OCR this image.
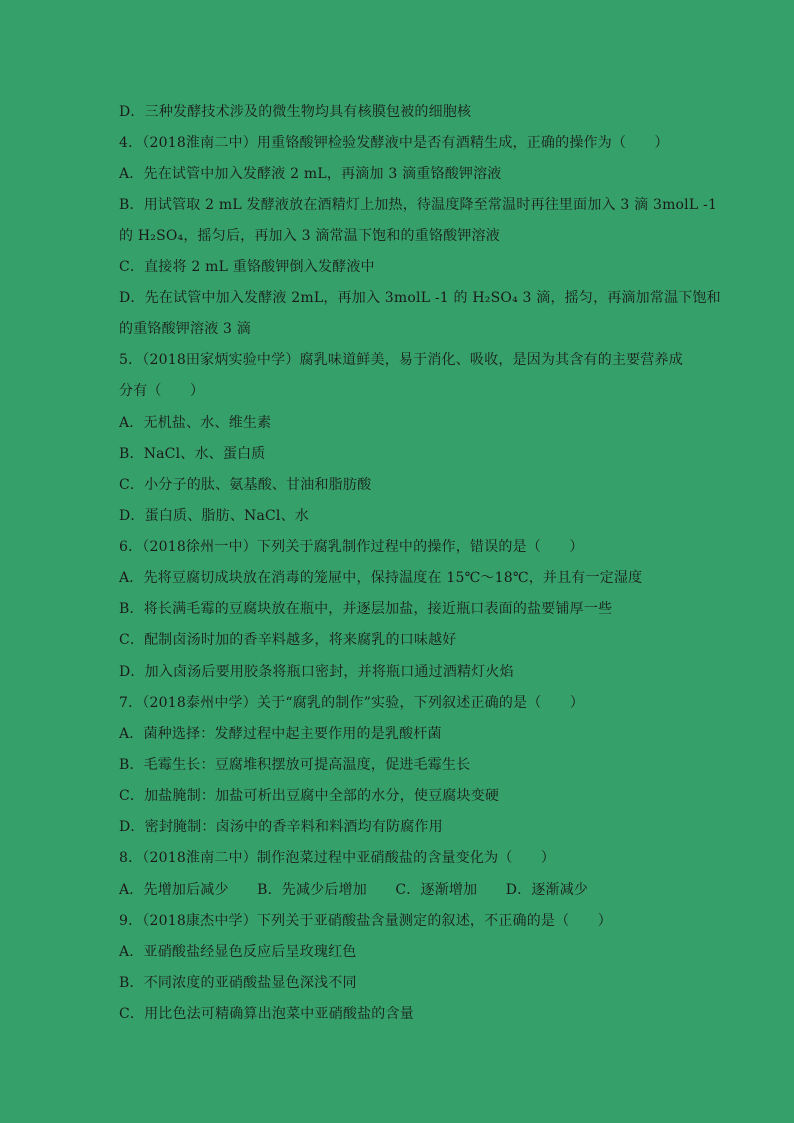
D．三种发酵技术涉及的微生物均具有核膜包被的细胞核
4．（2018淮南二中）用重铬酸钾检验发酵液中是否有酒精生成，正确的操作为（　　）
A．先在试管中加入发酵液 2 mL，再滴加 3 滴重铬酸钾溶液
B．用试管取 2 mL 发酵液放在酒精灯上加热，待温度降至常温时再往里面加入 3 滴 3molL -1
的 H₂SO₄，摇匀后，再加入 3 滴常温下饱和的重铬酸钾溶液
C．直接将 2 mL 重铬酸钾倒入发酵液中
D．先在试管中加入发酵液 2mL，再加入 3molL -1 的 H₂SO₄ 3 滴，摇匀，再滴加常温下饱和
的重铬酸钾溶液 3 滴
5．（2018田家炳实验中学）腐乳味道鲜美，易于消化、吸收，是因为其含有的主要营养成
分有（　　）
A．无机盐、水、维生素
B．NaCl、水、蛋白质
C．小分子的肽、氨基酸、甘油和脂肪酸
D．蛋白质、脂肪、NaCl、水
6．（2018徐州一中）下列关于腐乳制作过程中的操作，错误的是（　　）
A．先将豆腐切成块放在消毒的笼屉中，保持温度在 15℃～18℃，并且有一定湿度
B．将长满毛霉的豆腐块放在瓶中，并逐层加盐，接近瓶口表面的盐要铺厚一些
C．配制卤汤时加的香辛料越多，将来腐乳的口味越好
D．加入卤汤后要用胶条将瓶口密封，并将瓶口通过酒精灯火焰
7．（2018泰州中学）关于“腐乳的制作”实验，下列叙述正确的是（　　）
A．菌种选择：发酵过程中起主要作用的是乳酸杆菌
B．毛霉生长：豆腐堆积摆放可提高温度，促进毛霉生长
C．加盐腌制：加盐可析出豆腐中全部的水分，使豆腐块变硬
D．密封腌制：卤汤中的香辛料和料酒均有防腐作用
8．（2018淮南二中）制作泡菜过程中亚硝酸盐的含量变化为（　　）
A．先增加后减少　　B．先减少后增加　　C．逐渐增加　　D．逐渐减少
9．（2018康杰中学）下列关于亚硝酸盐含量测定的叙述，不正确的是（　　）
A．亚硝酸盐经显色反应后呈玫瑰红色
B．不同浓度的亚硝酸盐显色深浅不同
C．用比色法可精确算出泡菜中亚硝酸盐的含量
